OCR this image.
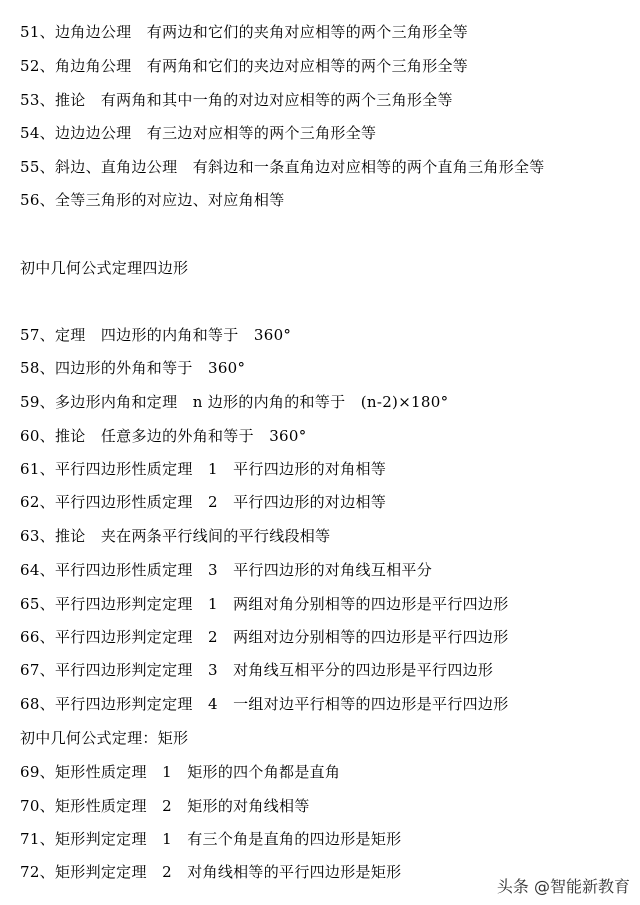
51、边角边公理　有两边和它们的夹角对应相等的两个三角形全等
52、角边角公理　有两角和它们的夹边对应相等的两个三角形全等
53、推论　有两角和其中一角的对边对应相等的两个三角形全等
54、边边边公理　有三边对应相等的两个三角形全等
55、斜边、直角边公理　有斜边和一条直角边对应相等的两个直角三角形全等
56、全等三角形的对应边、对应角相等
初中几何公式定理四边形
57、定理　四边形的内角和等于　360°
58、四边形的外角和等于　360°
59、多边形内角和定理　n 边形的内角的和等于　(n-2)×180°
60、推论　任意多边的外角和等于　360°
61、平行四边形性质定理　1　平行四边形的对角相等
62、平行四边形性质定理　2　平行四边形的对边相等
63、推论　夹在两条平行线间的平行线段相等
64、平行四边形性质定理　3　平行四边形的对角线互相平分
65、平行四边形判定定理　1　两组对角分别相等的四边形是平行四边形
66、平行四边形判定定理　2　两组对边分别相等的四边形是平行四边形
67、平行四边形判定定理　3　对角线互相平分的四边形是平行四边形
68、平行四边形判定定理　4　一组对边平行相等的四边形是平行四边形
初中几何公式定理：矩形
69、矩形性质定理　1　矩形的四个角都是直角
70、矩形性质定理　2　矩形的对角线相等
71、矩形判定定理　1　有三个角是直角的四边形是矩形
72、矩形判定定理　2　对角线相等的平行四边形是矩形
头条 @智能新教育
